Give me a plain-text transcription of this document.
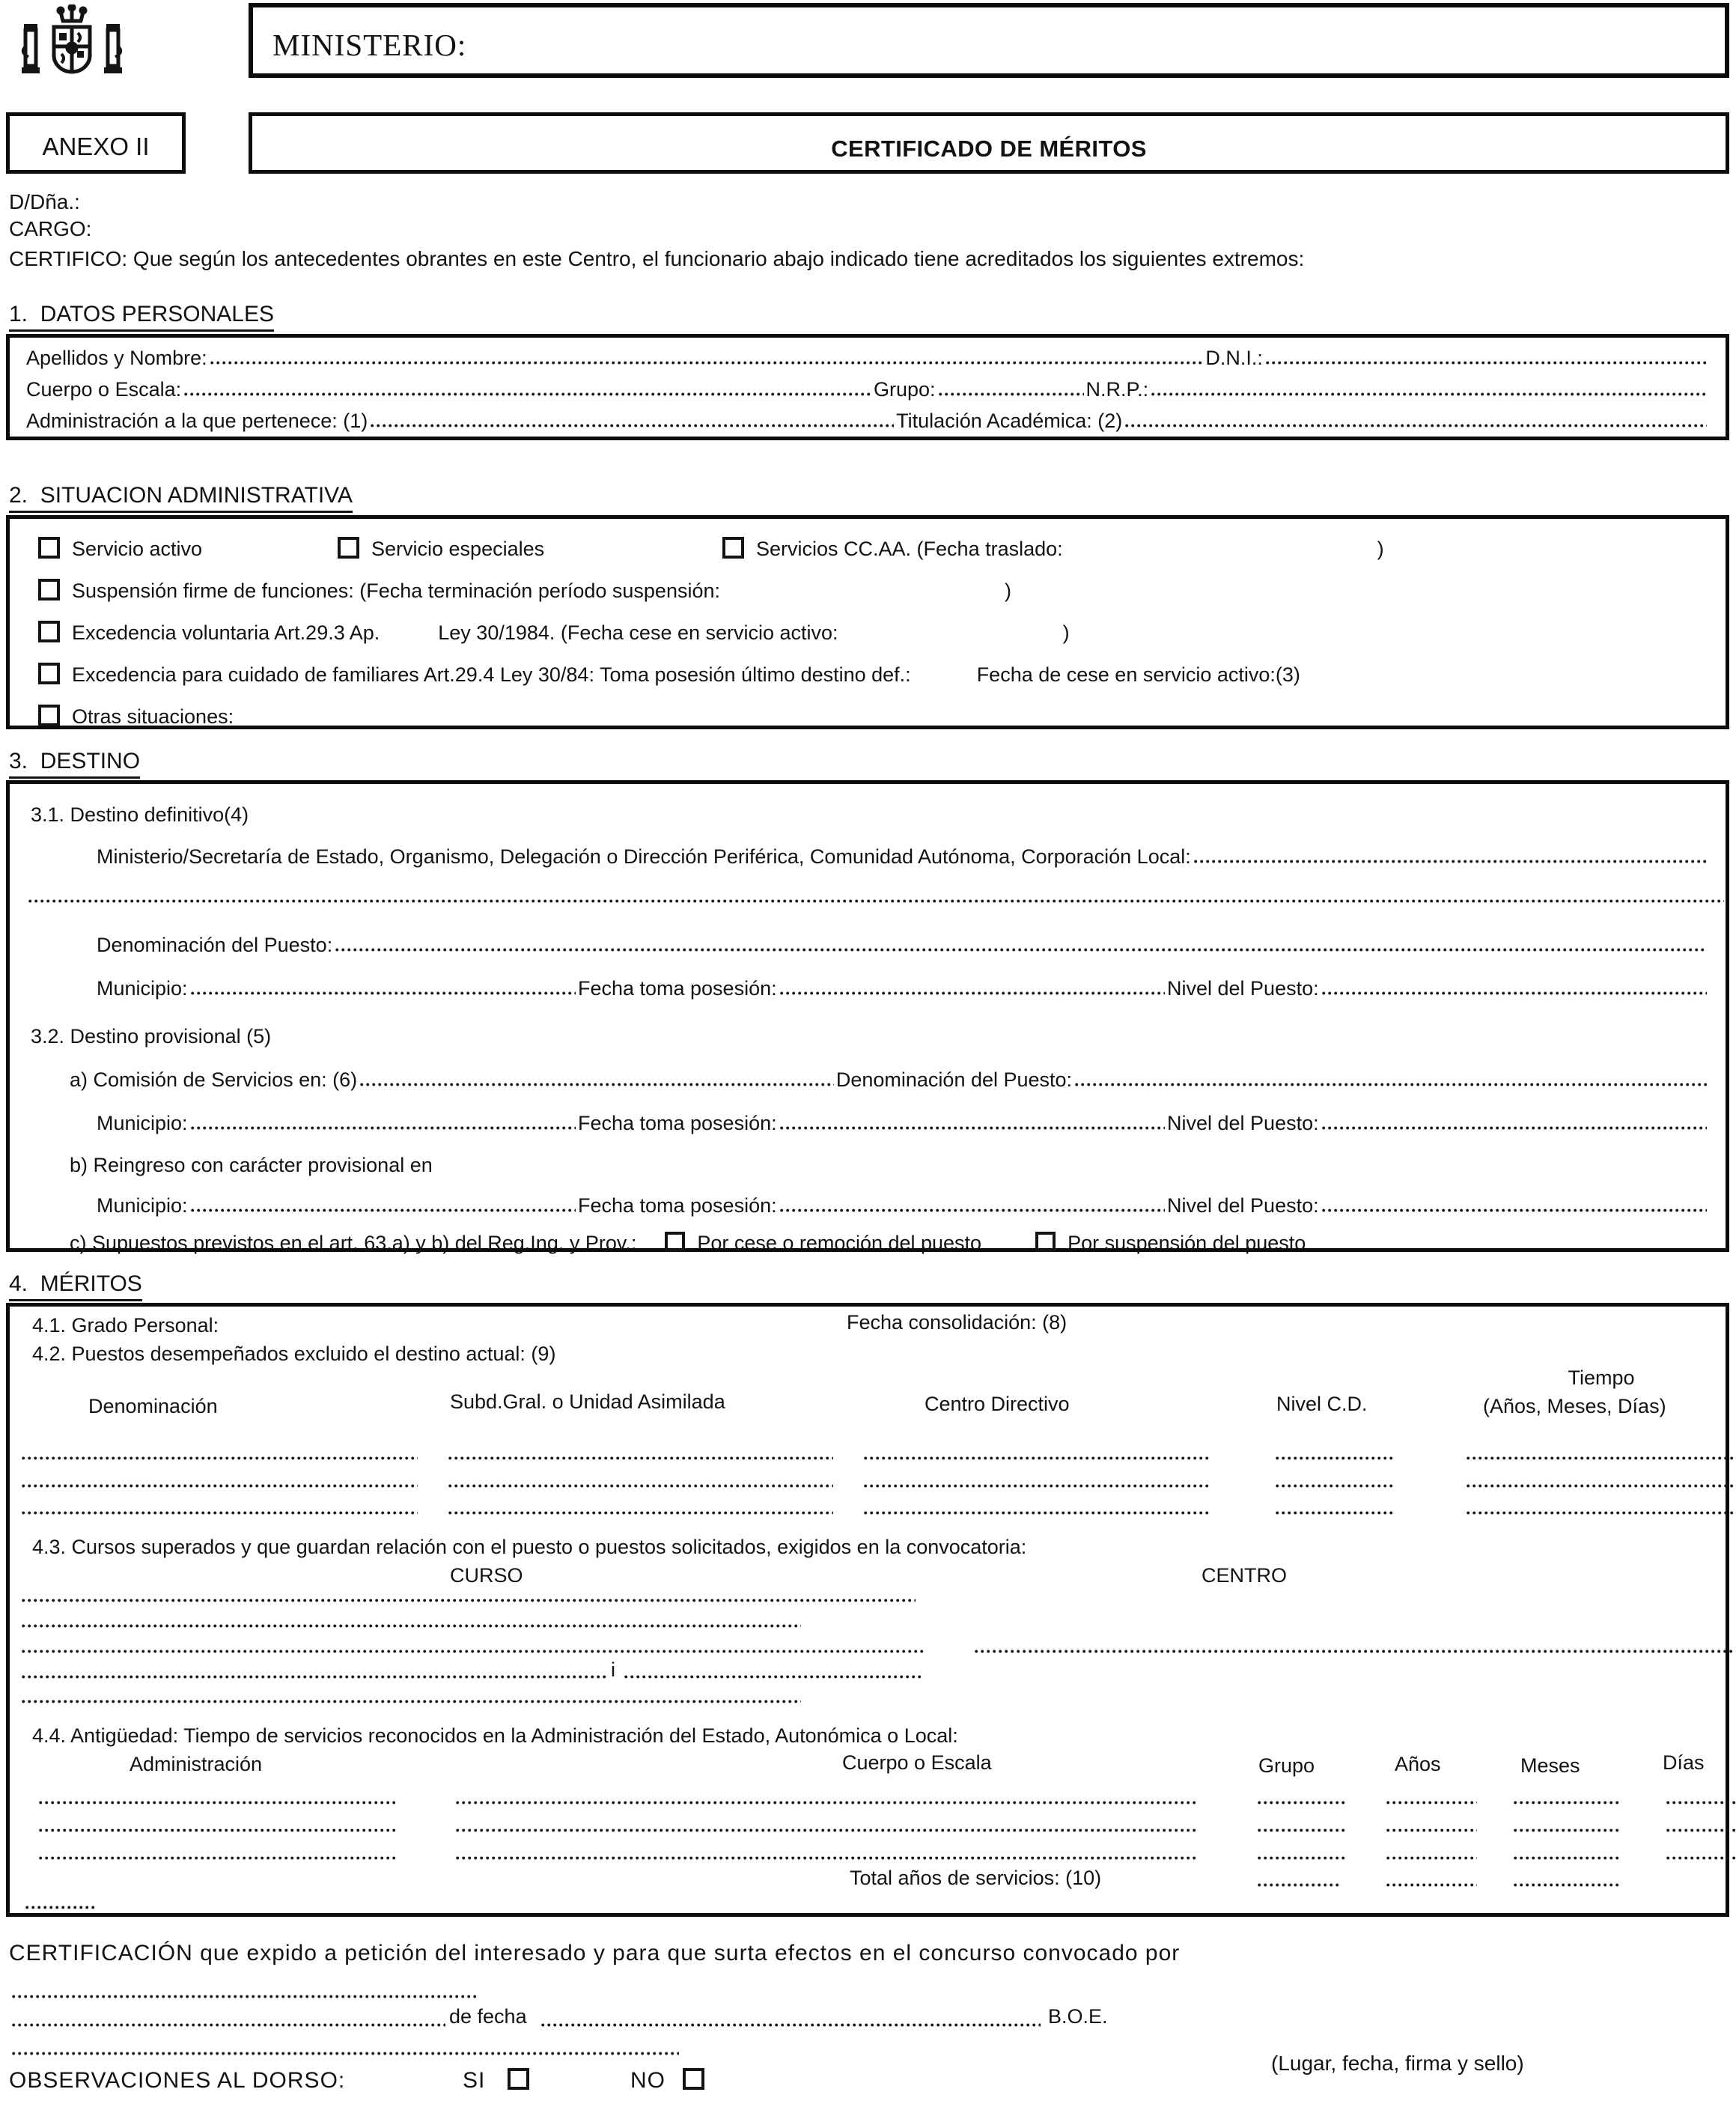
MINISTERIO:
ANEXO II	CERTIFICADO DE MÉRITOS
D/Dña.:
CARGO:
CERTIFICO: Que según los antecedentes obrantes en este Centro, el funcionario abajo indicado tiene acreditados los siguientes extremos:
1.  DATOS PERSONALES
Apellidos y Nombre:	D.N.I.:
Cuerpo o Escala:	Grupo:	N.R.P.:
Administración a la que pertenece: (1)	Titulación Académica: (2)
2.  SITUACION ADMINISTRATIVA
Servicio activo	Servicio especiales	Servicios CC.AA. (Fecha traslado:	)
Suspensión firme de funciones: (Fecha terminación período suspensión:	)
Excedencia voluntaria Art.29.3 Ap.	Ley 30/1984. (Fecha cese en servicio activo:	)
Excedencia para cuidado de familiares Art.29.4 Ley 30/84: Toma posesión último destino def.:	Fecha de cese en servicio activo:(3)
Otras situaciones:
3.  DESTINO
3.1. Destino definitivo(4)
Ministerio/Secretaría de Estado, Organismo, Delegación o Dirección Periférica, Comunidad Autónoma, Corporación Local:
Denominación del Puesto:
Municipio:	Fecha toma posesión:	Nivel del Puesto:
3.2. Destino provisional (5)
a) Comisión de Servicios en: (6)	Denominación del Puesto:
Municipio:	Fecha toma posesión:	Nivel del Puesto:
b) Reingreso con carácter provisional en
Municipio:	Fecha toma posesión:	Nivel del Puesto:
c) Supuestos previstos en el art. 63.a) y b) del Reg.Ing. y Prov.:	Por cese o remoción del puesto	Por suspensión del puesto
4.  MÉRITOS
4.1. Grado Personal:	Fecha consolidación: (8)
4.2. Puestos desempeñados excluido el destino actual: (9)
Denominación	Subd.Gral. o Unidad Asimilada	Centro Directivo	Nivel C.D.
Tiempo
(Años, Meses, Días)
4.3. Cursos superados y que guardan relación con el puesto o puestos solicitados, exigidos en la convocatoria:
CURSO	CENTRO
i
4.4. Antigüedad: Tiempo de servicios reconocidos en la Administración del Estado, Autonómica o Local:
Administración	Cuerpo o Escala	Grupo	Años	Meses	Días
Total años de servicios: (10)
CERTIFICACIÓN que expido a petición del interesado y para que surta efectos en el concurso convocado por
de fecha	B.O.E.
OBSERVACIONES AL DORSO:	SI	NO
(Lugar, fecha, firma y sello)
